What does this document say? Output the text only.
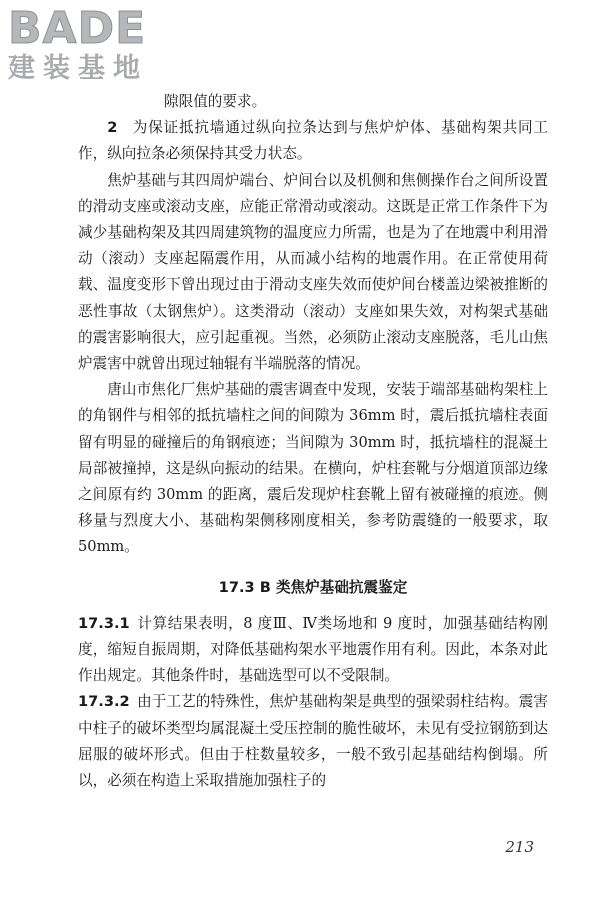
BADE
建装基地

隙限值的要求。

2  为保证抵抗墙通过纵向拉条达到与焦炉炉体、基础构架共同工作，纵向拉条必须保持其受力状态。

焦炉基础与其四周炉端台、炉间台以及机侧和焦侧操作台之间所设置的滑动支座或滚动支座，应能正常滑动或滚动。这既是正常工作条件下为减少基础构架及其四周建筑物的温度应力所需，也是为了在地震中利用滑动（滚动）支座起隔震作用，从而减小结构的地震作用。在正常使用荷载、温度变形下曾出现过由于滑动支座失效而使炉间台楼盖边梁被推断的恶性事故（太钢焦炉）。这类滑动（滚动）支座如果失效，对构架式基础的震害影响很大，应引起重视。当然，必须防止滚动支座脱落，毛儿山焦炉震害中就曾出现过轴辊有半端脱落的情况。

唐山市焦化厂焦炉基础的震害调查中发现，安装于端部基础构架柱上的角钢件与相邻的抵抗墙柱之间的间隙为 36mm 时，震后抵抗墙柱表面留有明显的碰撞后的角钢痕迹；当间隙为 30mm 时，抵抗墙柱的混凝土局部被撞掉，这是纵向振动的结果。在横向，炉柱套靴与分烟道顶部边缘之间原有约 30mm 的距离，震后发现炉柱套靴上留有被碰撞的痕迹。侧移量与烈度大小、基础构架侧移刚度相关，参考防震缝的一般要求，取 50mm。

17.3 B 类焦炉基础抗震鉴定

17.3.1  计算结果表明，8 度Ⅲ、Ⅳ类场地和 9 度时，加强基础结构刚度，缩短自振周期，对降低基础构架水平地震作用有利。因此，本条对此作出规定。其他条件时，基础选型可以不受限制。

17.3.2  由于工艺的特殊性，焦炉基础构架是典型的强梁弱柱结构。震害中柱子的破坏类型均属混凝土受压控制的脆性破坏，未见有受拉钢筋到达屈服的破坏形式。但由于柱数量较多，一般不致引起基础结构倒塌。所以，必须在构造上采取措施加强柱子的

213
